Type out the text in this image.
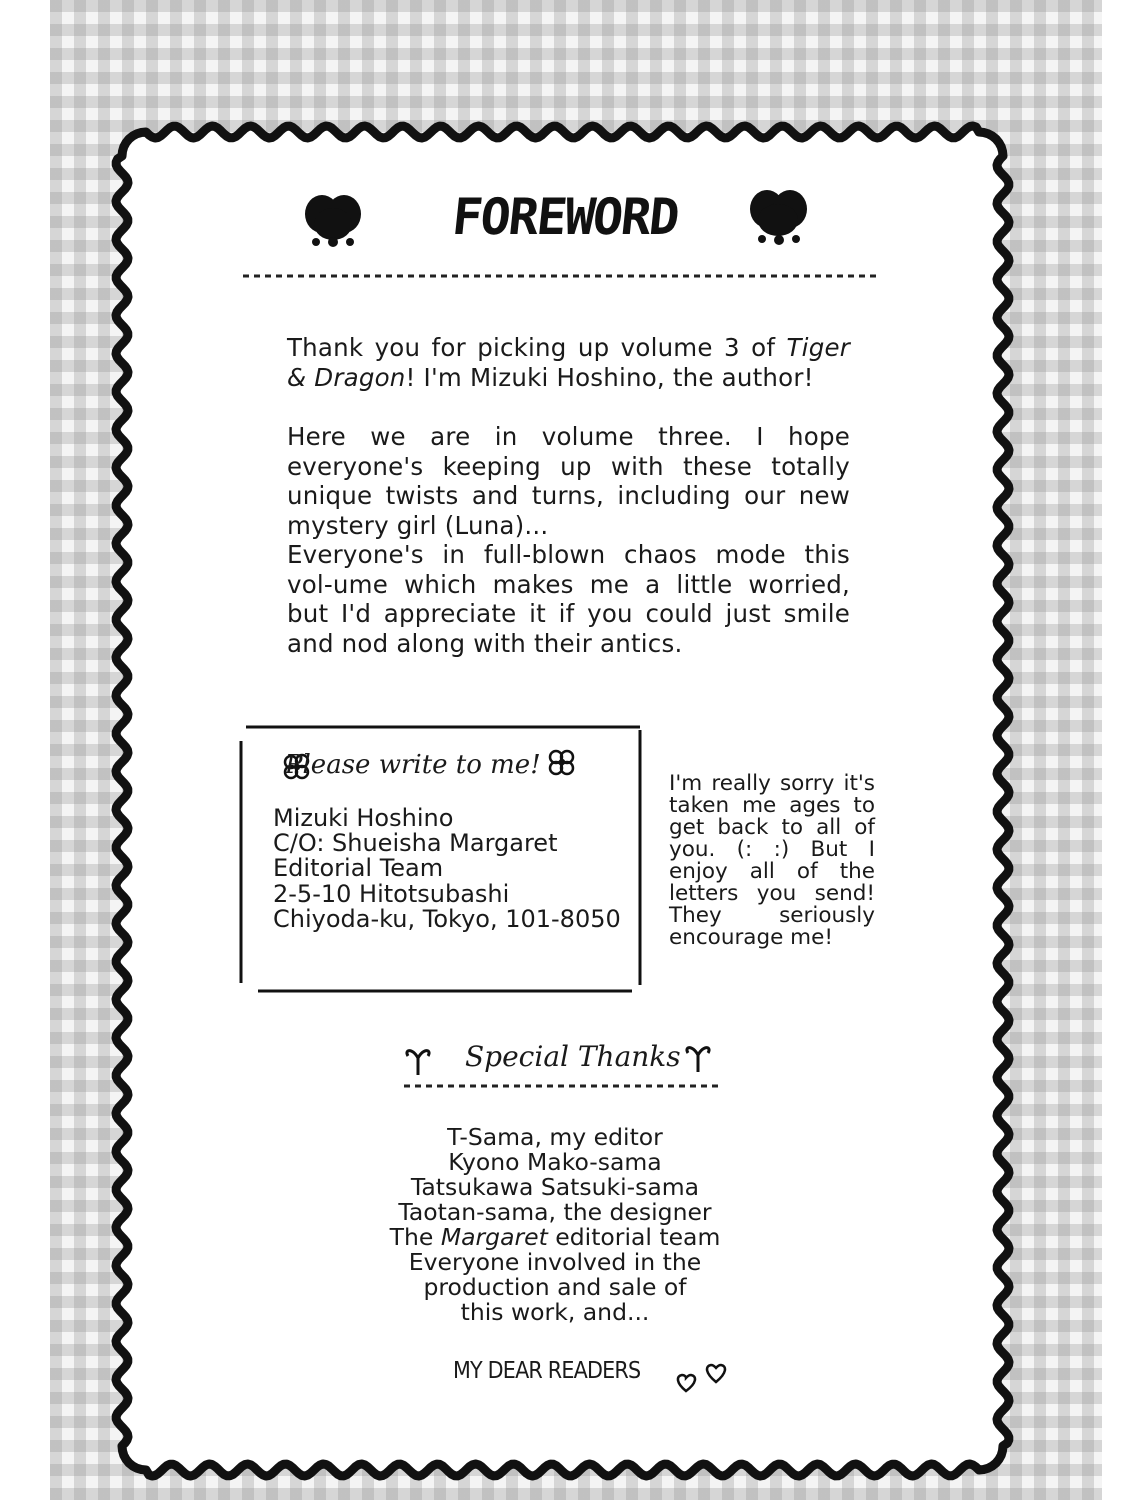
FOREWORD
Thank you for picking up volume 3 of Tiger & Dragon! I'm Mizuki Hoshino, the author!
Here we are in volume three. I hope everyone's keeping up with these totally unique twists and turns, including our new mystery girl (Luna)...
Everyone's in full-blown chaos mode this vol-ume which makes me a little worried, but I'd appreciate it if you could just smile and nod along with their antics.
Please write to me!
Mizuki Hoshino
C/O: Shueisha Margaret
Editorial Team
2-5-10 Hitotsubashi
Chiyoda-ku, Tokyo, 101-8050
I'm really sorry it's taken me ages to get back to all of you. (: :) But I enjoy all of the letters you send! They seriously encourage me!
Special Thanks
T-Sama, my editor
Kyono Mako-sama
Tatsukawa Satsuki-sama
Taotan-sama, the designer
The Margaret editorial team
Everyone involved in the
production and sale of
this work, and...
MY DEAR READERS
